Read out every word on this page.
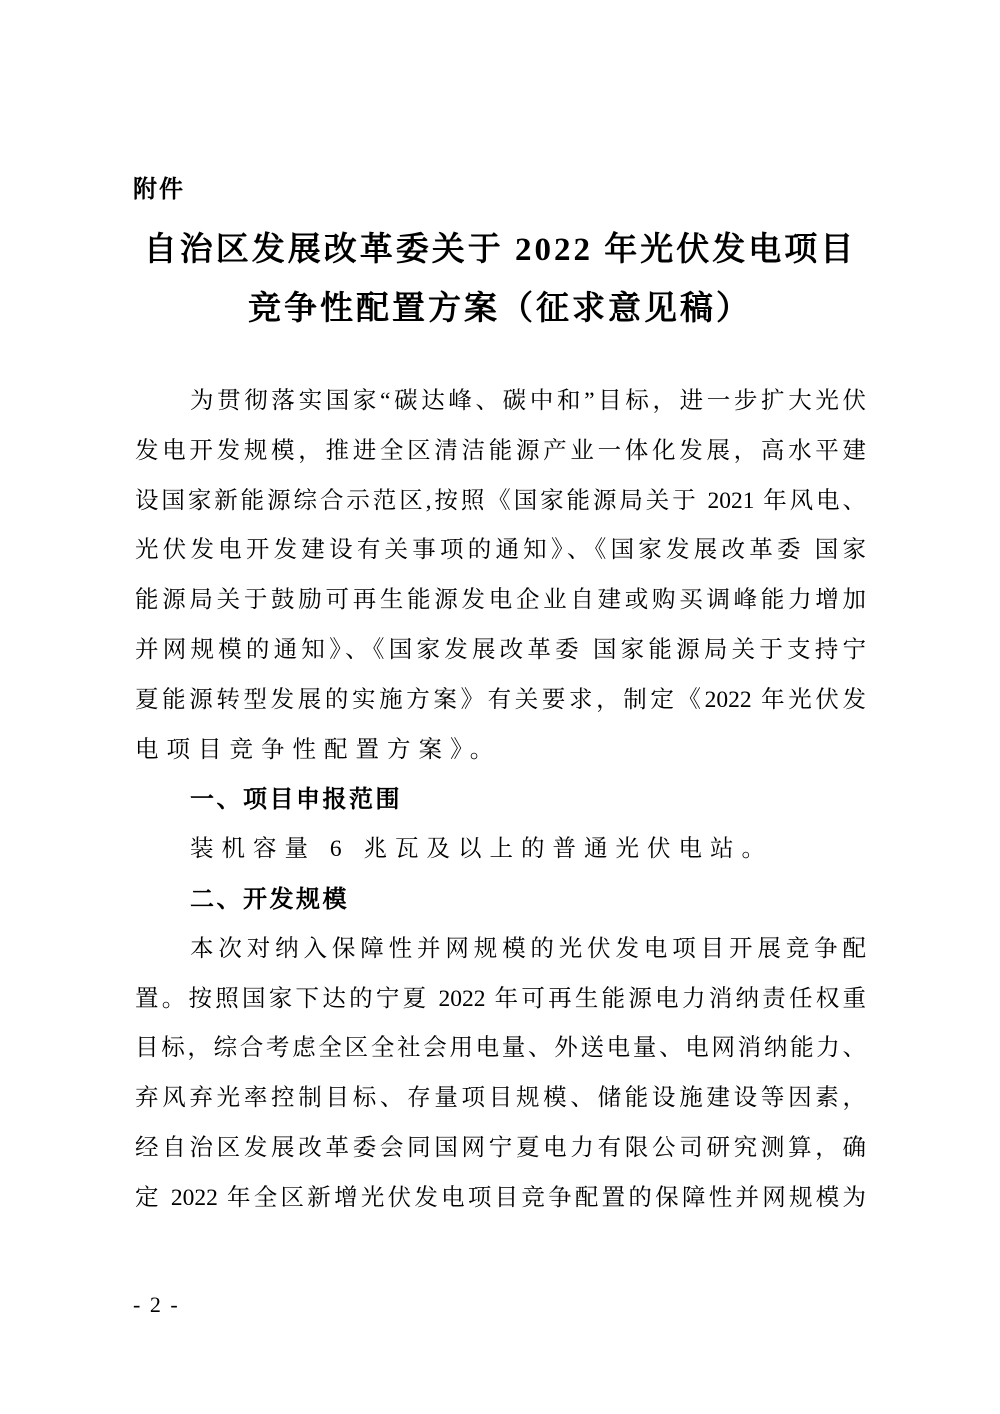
附件
自治区发展改革委关于 2022 年光伏发电项目
竞争性配置方案（征求意见稿）
为贯彻落实国家“碳达峰、碳中和”目标，进一步扩大光伏
发电开发规模，推进全区清洁能源产业一体化发展，高水平建
设国家新能源综合示范区,按照《国家能源局关于 2021 年风电、
光伏发电开发建设有关事项的通知》、《国家发展改革委 国家
能源局关于鼓励可再生能源发电企业自建或购买调峰能力增加
并网规模的通知》、《国家发展改革委 国家能源局关于支持宁
夏能源转型发展的实施方案》有关要求，制定《2022 年光伏发
电项目竞争性配置方案》。
一、项目申报范围
装机容量 6 兆瓦及以上的普通光伏电站。
二、开发规模
本次对纳入保障性并网规模的光伏发电项目开展竞争配
置。按照国家下达的宁夏 2022 年可再生能源电力消纳责任权重
目标，综合考虑全区全社会用电量、外送电量、电网消纳能力、
弃风弃光率控制目标、存量项目规模、储能设施建设等因素，
经自治区发展改革委会同国网宁夏电力有限公司研究测算，确
定 2022 年全区新增光伏发电项目竞争配置的保障性并网规模为
- 2 -
